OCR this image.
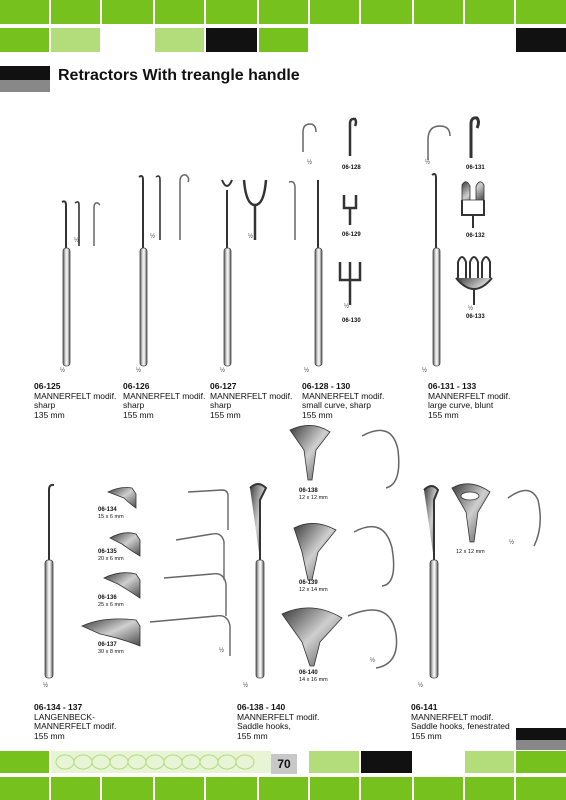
Retractors With treangle handle
½
½
½
½
½
½
½
½
½
½
½
½
½
½
½
½
½
½
06-128
06-129
06-130
06-131
06-132
06-133
06-134
15 x 6 mm
06-135
20 x 6 mm
06-136
25 x 6 mm
06-137
30 x 8 mm
06-138
12 x 12 mm
06-139
12 x 14 mm
06-140
14 x 16 mm
12 x 12 mm
06-125
MANNERFELT modif.
sharp
135 mm
06-126
MANNERFELT modif.
sharp
155 mm
06-127
MANNERFELT modif.
sharp
155 mm
06-128 - 130
MANNERFELT modif.
small curve, sharp
155 mm
06-131 - 133
MANNERFELT modif.
large curve, blunt
155 mm
06-134 - 137
LANGENBECK-
MANNERFELT modif.
155 mm
06-138 - 140
MANNERFELT modif.
Saddle hooks,
155 mm
06-141
MANNERFELT modif.
Saddle hooks, fenestrated
155 mm
70
